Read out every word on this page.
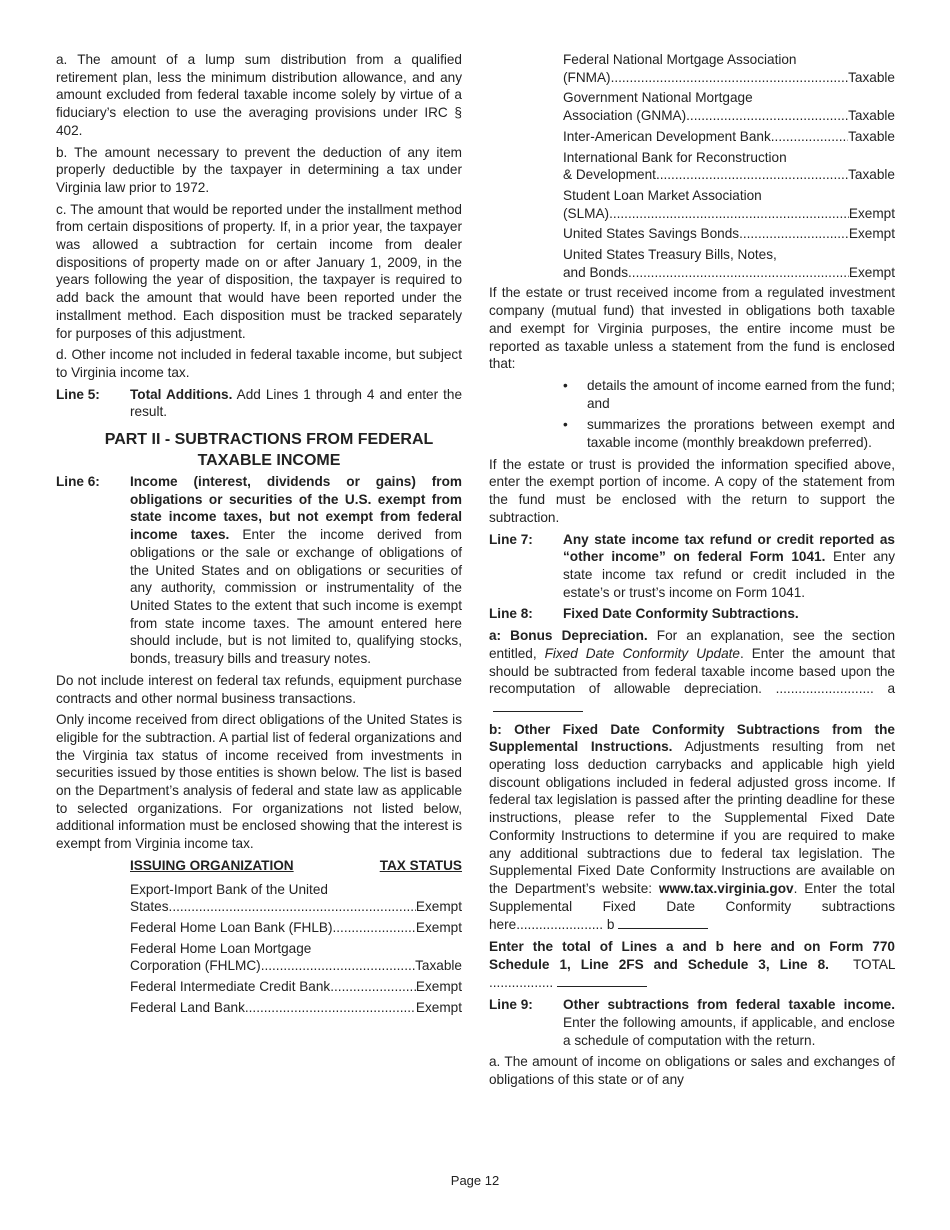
a. The amount of a lump sum distribution from a qualified retirement plan, less the minimum distribution allowance, and any amount excluded from federal taxable income solely by virtue of a fiduciary’s election to use the averaging provisions under IRC § 402.

b. The amount necessary to prevent the deduction of any item properly deductible by the taxpayer in determining a tax under Virginia law prior to 1972.

c. The amount that would be reported under the installment method from certain dispositions of property. If, in a prior year, the taxpayer was allowed a subtraction for certain income from dealer dispositions of property made on or after January 1, 2009, in the years following the year of disposition, the taxpayer is required to add back the amount that would have been reported under the installment method. Each disposition must be tracked separately for purposes of this adjustment.

d. Other income not included in federal taxable income, but subject to Virginia income tax.

Line 5:	Total Additions. Add Lines 1 through 4 and enter the result.
PART II - SUBTRACTIONS FROM FEDERAL
TAXABLE INCOME
Line 6:	Income (interest, dividends or gains) from obligations or securities of the U.S. exempt from state income taxes, but not exempt from federal income taxes. Enter the income derived from obligations or the sale or exchange of obligations of the United States and on obligations or securities of any authority, commission or instrumentality of the United States to the extent that such income is exempt from state income taxes. The amount entered here should include, but is not limited to, qualifying stocks, bonds, treasury bills and treasury notes.

Do not include interest on federal tax refunds, equipment purchase contracts and other normal business transactions.

Only income received from direct obligations of the United States is eligible for the subtraction. A partial list of federal organizations and the Virginia tax status of income received from investments in securities issued by those entities is shown below. The list is based on the Department’s analysis of federal and state law as applicable to selected organizations. For organizations not listed below, additional information must be enclosed showing that the interest is exempt from Virginia income tax.

ISSUING ORGANIZATION	TAX STATUS
Export-Import Bank of the United
States .....	Exempt
Federal Home Loan Bank (FHLB) .....	Exempt
Federal Home Loan Mortgage
Corporation (FHLMC) .....	Taxable
Federal Intermediate Credit Bank .....	Exempt
Federal Land Bank .....	Exempt
Federal National Mortgage Association
(FNMA) .....	Taxable
Government National Mortgage
Association (GNMA) .....	Taxable
Inter-American Development Bank .....	Taxable
International Bank for Reconstruction
& Development .....	Taxable
Student Loan Market Association
(SLMA) .....	Exempt
United States Savings Bonds .....	Exempt
United States Treasury Bills, Notes,
and Bonds .....	Exempt

If the estate or trust received income from a regulated investment company (mutual fund) that invested in obligations both taxable and exempt for Virginia purposes, the entire income must be reported as taxable unless a statement from the fund is enclosed that:

•	details the amount of income earned from the fund; and
•	summarizes the prorations between exempt and taxable income (monthly breakdown preferred).

If the estate or trust is provided the information specified above, enter the exempt portion of income. A copy of the statement from the fund must be enclosed with the return to support the subtraction.

Line 7:	Any state income tax refund or credit reported as “other income” on federal Form 1041. Enter any state income tax refund or credit included in the estate’s or trust’s income on Form 1041.
Line 8:	Fixed Date Conformity Subtractions.

a: Bonus Depreciation. For an explanation, see the section entitled, Fixed Date Conformity Update. Enter the amount that should be subtracted from federal taxable income based upon the recomputation of allowable depreciation. .......................... a

b: Other Fixed Date Conformity Subtractions from the Supplemental Instructions. Adjustments resulting from net operating loss deduction carrybacks and applicable high yield discount obligations included in federal adjusted gross income. If federal tax legislation is passed after the printing deadline for these instructions, please refer to the Supplemental Fixed Date Conformity Instructions to determine if you are required to make any additional subtractions due to federal tax legislation. The Supplemental Fixed Date Conformity Instructions are available on the Department’s website: www.tax.virginia.gov. Enter the total Supplemental Fixed Date Conformity subtractions here....................... b

Enter the total of Lines a and b here and on Form 770 Schedule 1, Line 2FS and Schedule 3, Line 8. TOTAL .................

Line 9:	Other subtractions from federal taxable income. Enter the following amounts, if applicable, and enclose a schedule of computation with the return.

a. The amount of income on obligations or sales and exchanges of obligations of this state or of any

Page 12
